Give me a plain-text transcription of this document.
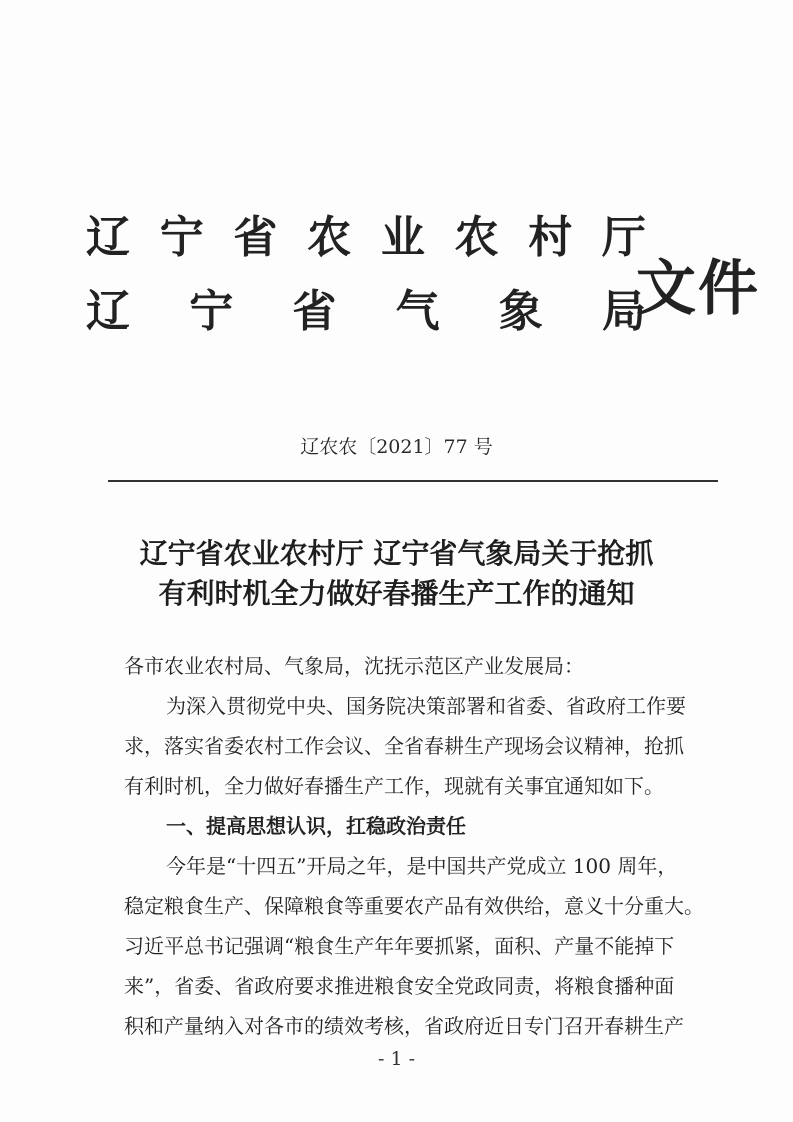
辽 宁 省 农 业 农 村 厅
辽 宁 省 气 象 局
文件
辽农农〔2021〕77 号
辽宁省农业农村厅 辽宁省气象局关于抢抓
有利时机全力做好春播生产工作的通知
各市农业农村局、气象局，沈抚示范区产业发展局：
为深入贯彻党中央、国务院决策部署和省委、省政府工作要
求，落实省委农村工作会议、全省春耕生产现场会议精神，抢抓
有利时机，全力做好春播生产工作，现就有关事宜通知如下。
一、提高思想认识，扛稳政治责任
今年是“十四五”开局之年，是中国共产党成立 100 周年，
稳定粮食生产、保障粮食等重要农产品有效供给，意义十分重大。
习近平总书记强调“粮食生产年年要抓紧，面积、产量不能掉下
来”，省委、省政府要求推进粮食安全党政同责，将粮食播种面
积和产量纳入对各市的绩效考核，省政府近日专门召开春耕生产
- 1 -
